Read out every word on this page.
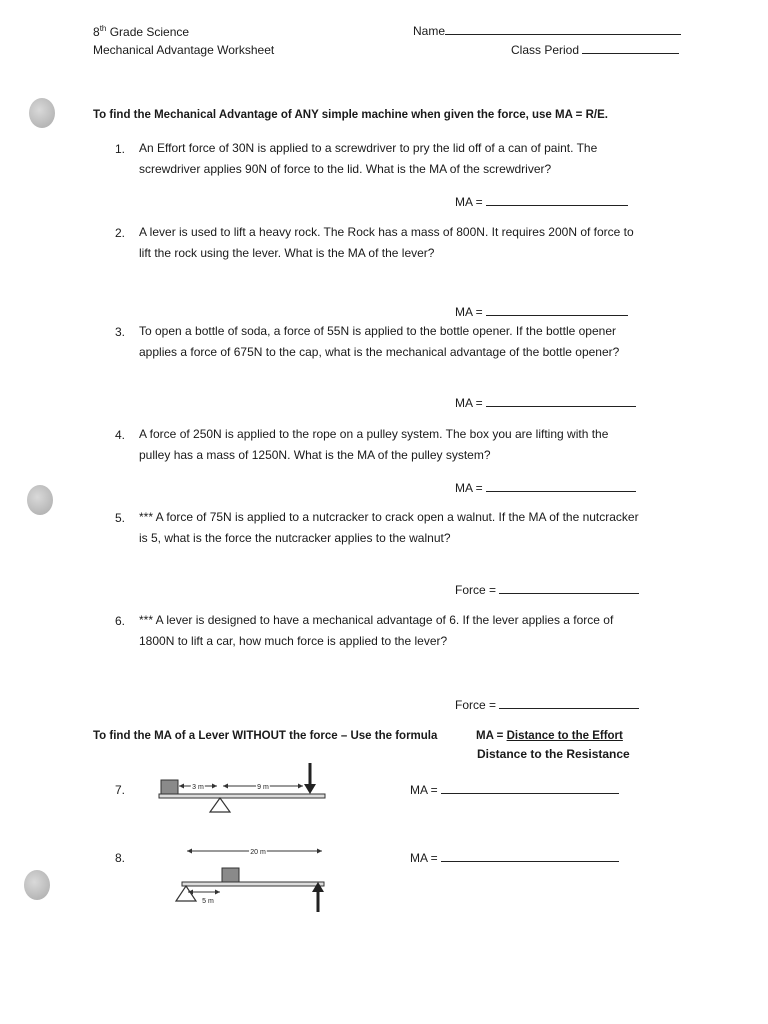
8th Grade Science
Mechanical Advantage Worksheet
Name
Class Period
To find the Mechanical Advantage of ANY simple machine when given the force, use MA = R/E.
1. An Effort force of 30N is applied to a screwdriver to pry the lid off of a can of paint. The
screwdriver applies 90N of force to the lid. What is the MA of the screwdriver?
MA =
2. A lever is used to lift a heavy rock. The Rock has a mass of 800N. It requires 200N of force to
lift the rock using the lever. What is the MA of the lever?
MA =
3. To open a bottle of soda, a force of 55N is applied to the bottle opener. If the bottle opener
applies a force of 675N to the cap, what is the mechanical advantage of the bottle opener?
MA =
4. A force of 250N is applied to the rope on a pulley system. The box you are lifting with the
pulley has a mass of 1250N. What is the MA of the pulley system?
MA =
5. *** A force of 75N is applied to a nutcracker to crack open a walnut. If the MA of the nutcracker
is 5, what is the force the nutcracker applies to the walnut?
Force =
6. *** A lever is designed to have a mechanical advantage of 6. If the lever applies a force of
1800N to lift a car, how much force is applied to the lever?
Force =
To find the MA of a Lever WITHOUT the force – Use the formula	MA = Distance to the Effort
Distance to the Resistance
7.	3 m	9 m	MA =
8.	20 m
5 m
MA =
